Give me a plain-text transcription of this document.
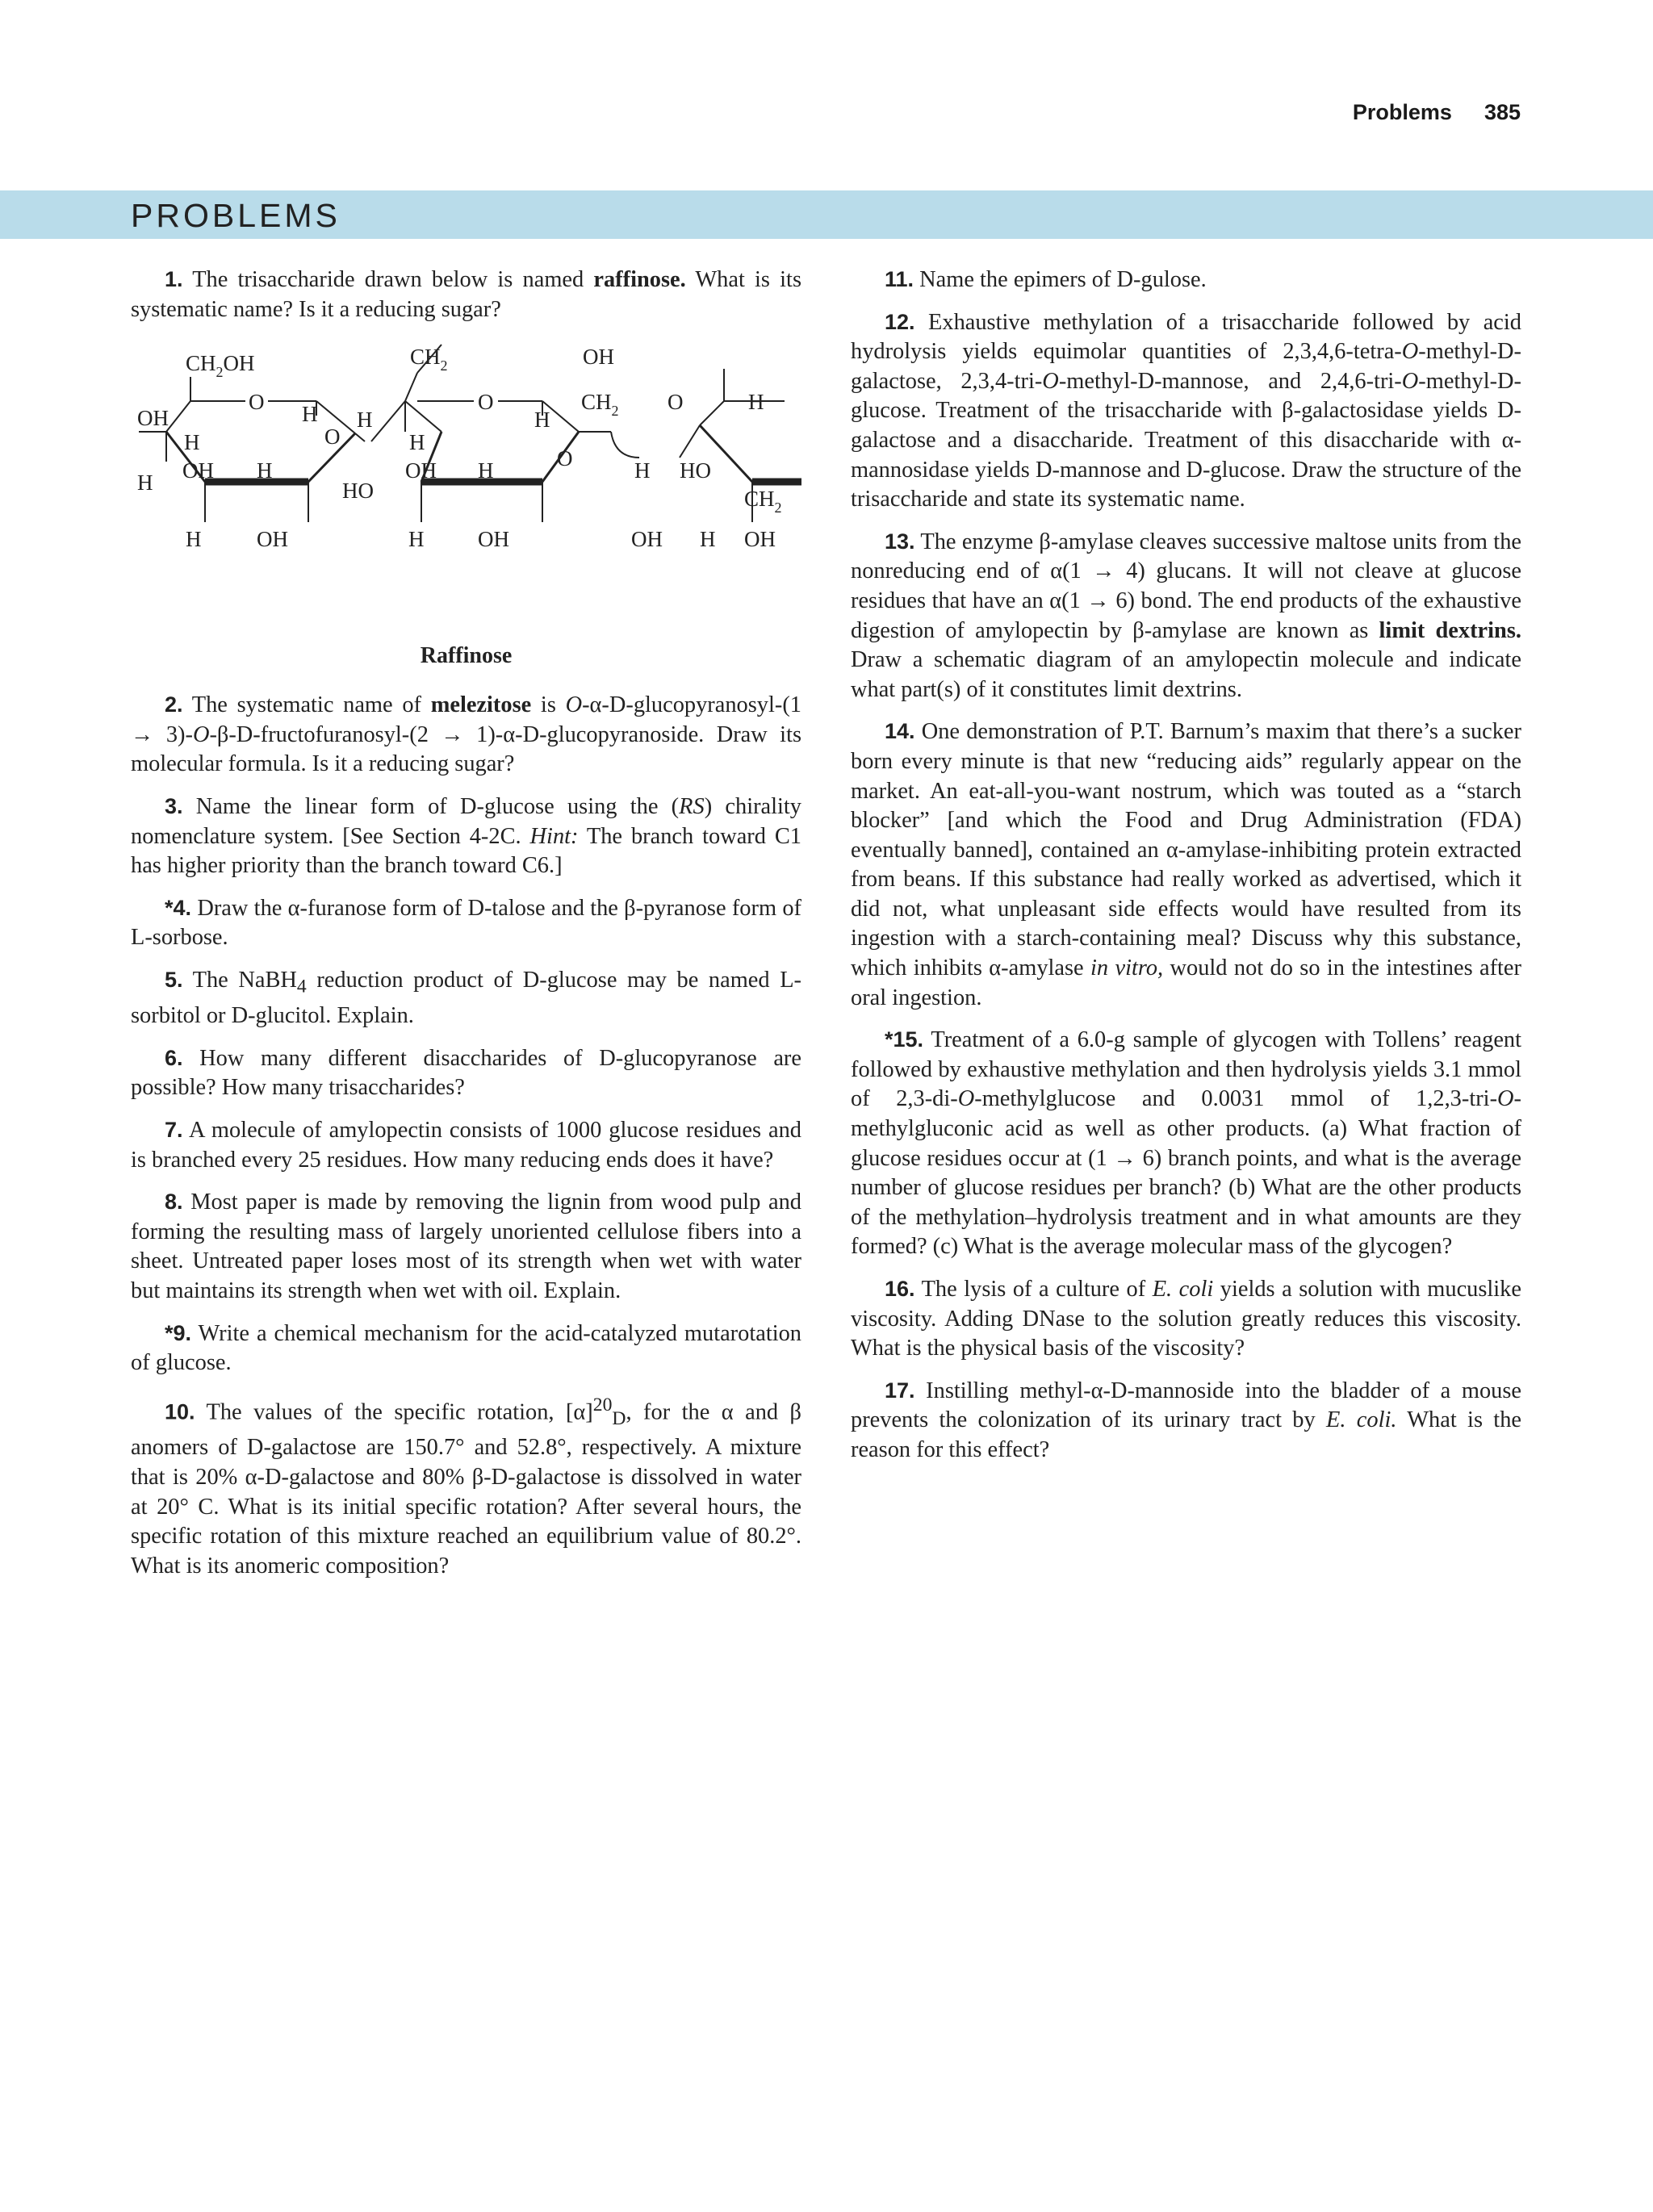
Problems 385
PROBLEMS

1. The trisaccharide drawn below is named raffinose. What is its systematic name? Is it a reducing sugar?

$CH_2OH$
OH
O H
H
OH H
H
H	OH
O
$CH_2$
H
H
O
H
OH H
HO
H OH
O
OH
$CH_2$ O	H
H HO
$CH_2$
OH H OH
Raffinose

2. The systematic name of melezitose is O-α-D-glucopyranosyl-(1 → 3)-O-β-D-fructofuranosyl-(2 → 1)-α-D-glucopyranoside. Draw its molecular formula. Is it a reducing sugar?

3. Name the linear form of D-glucose using the (RS) chirality nomenclature system. [See Section 4-2C. Hint: The branch toward C1 has higher priority than the branch toward C6.]

*4. Draw the α-furanose form of D-talose and the β-pyranose form of L-sorbose.

5. The NaBH$_4$ reduction product of D-glucose may be named L-sorbitol or D-glucitol. Explain.

6. How many different disaccharides of D-glucopyranose are possible? How many trisaccharides?

7. A molecule of amylopectin consists of 1000 glucose residues and is branched every 25 residues. How many reducing ends does it have?

8. Most paper is made by removing the lignin from wood pulp and forming the resulting mass of largely unoriented cellulose fibers into a sheet. Untreated paper loses most of its strength when wet with water but maintains its strength when wet with oil. Explain.

*9. Write a chemical mechanism for the acid-catalyzed mutarotation of glucose.

10. The values of the specific rotation, $[\alpha]^{20}_D$, for the α and β anomers of D-galactose are 150.7° and 52.8°, respectively. A mixture that is 20% α-D-galactose and 80% β-D-galactose is dissolved in water at 20° C. What is its initial specific rotation? After several hours, the specific rotation of this mixture reached an equilibrium value of 80.2°. What is its anomeric composition?

11. Name the epimers of D-gulose.

12. Exhaustive methylation of a trisaccharide followed by acid hydrolysis yields equimolar quantities of 2,3,4,6-tetra-O-methyl-D-galactose, 2,3,4-tri-O-methyl-D-mannose, and 2,4,6-tri-O-methyl-D-glucose. Treatment of the trisaccharide with β-galactosidase yields D-galactose and a disaccharide. Treatment of this disaccharide with α-mannosidase yields D-mannose and D-glucose. Draw the structure of the trisaccharide and state its systematic name.

13. The enzyme β-amylase cleaves successive maltose units from the nonreducing end of α(1 → 4) glucans. It will not cleave at glucose residues that have an α(1 → 6) bond. The end products of the exhaustive digestion of amylopectin by β-amylase are known as limit dextrins. Draw a schematic diagram of an amylopectin molecule and indicate what part(s) of it constitutes limit dextrins.

14. One demonstration of P.T. Barnum’s maxim that there’s a sucker born every minute is that new “reducing aids” regularly appear on the market. An eat-all-you-want nostrum, which was touted as a “starch blocker” [and which the Food and Drug Administration (FDA) eventually banned], contained an α-amylase-inhibiting protein extracted from beans. If this substance had really worked as advertised, which it did not, what unpleasant side effects would have resulted from its ingestion with a starch-containing meal? Discuss why this substance, which inhibits α-amylase in vitro, would not do so in the intestines after oral ingestion.

*15. Treatment of a 6.0-g sample of glycogen with Tollens’ reagent followed by exhaustive methylation and then hydrolysis yields 3.1 mmol of 2,3-di-O-methylglucose and 0.0031 mmol of 1,2,3-tri-O-methylgluconic acid as well as other products. (a) What fraction of glucose residues occur at (1 → 6) branch points, and what is the average number of glucose residues per branch? (b) What are the other products of the methylation–hydrolysis treatment and in what amounts are they formed? (c) What is the average molecular mass of the glycogen?

16. The lysis of a culture of E. coli yields a solution with mucuslike viscosity. Adding DNase to the solution greatly reduces this viscosity. What is the physical basis of the viscosity?

17. Instilling methyl-α-D-mannoside into the bladder of a mouse prevents the colonization of its urinary tract by E. coli. What is the reason for this effect?
